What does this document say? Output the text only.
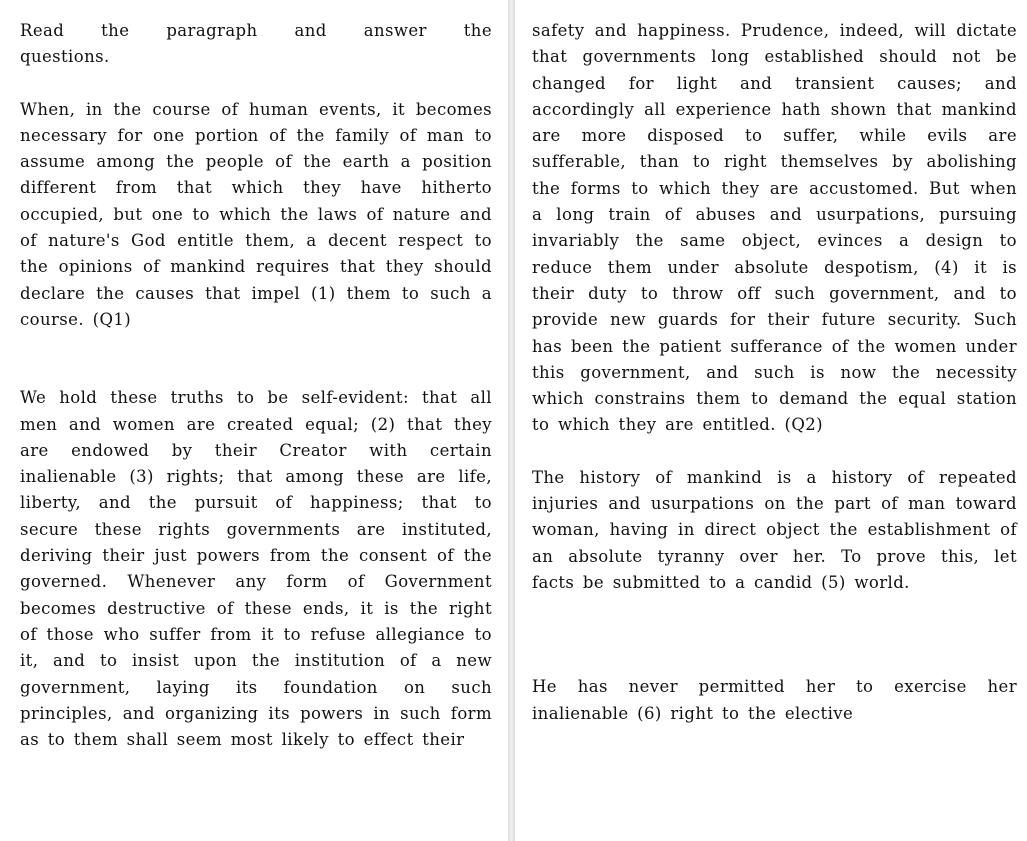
Read the paragraph and answer the questions.

When, in the course of human events, it becomes necessary for one portion of the family of man to assume among the people of the earth a position different from that which they have hitherto occupied, but one to which the laws of nature and of nature's God entitle them, a decent respect to the opinions of mankind requires that they should declare the causes that impel (1) them to such a course. (Q1)

We hold these truths to be self-evident: that all men and women are created equal; (2) that they are endowed by their Creator with certain inalienable (3) rights; that among these are life, liberty, and the pursuit of happiness; that to secure these rights governments are instituted, deriving their just powers from the consent of the governed. Whenever any form of Government becomes destructive of these ends, it is the right of those who suffer from it to refuse allegiance to it, and to insist upon the institution of a new government, laying its foundation on such principles, and organizing its powers in such form as to them shall seem most likely to effect their

safety and happiness. Prudence, indeed, will dictate that governments long established should not be changed for light and transient causes; and accordingly all experience hath shown that mankind are more disposed to suffer, while evils are sufferable, than to right themselves by abolishing the forms to which they are accustomed. But when a long train of abuses and usurpations, pursuing invariably the same object, evinces a design to reduce them under absolute despotism, (4) it is their duty to throw off such government, and to provide new guards for their future security. Such has been the patient sufferance of the women under this government, and such is now the necessity which constrains them to demand the equal station to which they are entitled. (Q2)

The history of mankind is a history of repeated injuries and usurpations on the part of man toward woman, having in direct object the establishment of an absolute tyranny over her. To prove this, let facts be submitted to a candid (5) world.

He has never permitted her to exercise her inalienable (6) right to the elective
